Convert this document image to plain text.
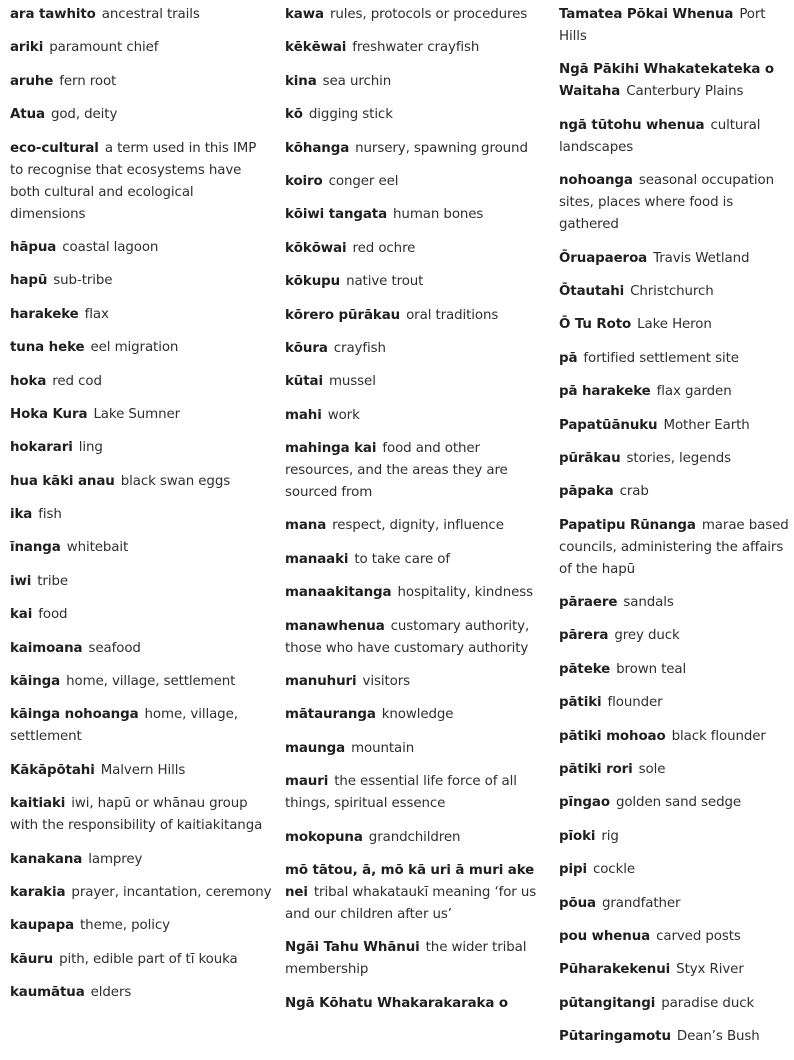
ara tawhito ancestral trails
ariki paramount chief
aruhe fern root
Atua god, deity
eco-cultural a term used in this IMP to recognise that ecosystems have both cultural and ecological dimensions
hāpua coastal lagoon
hapū sub-tribe
harakeke flax
tuna heke eel migration
hoka red cod
Hoka Kura Lake Sumner
hokarari ling
hua kāki anau black swan eggs
ika fish
īnanga whitebait
iwi tribe
kai food
kaimoana seafood
kāinga home, village, settlement
kāinga nohoanga home, village, settlement
Kākāpōtahi Malvern Hills
kaitiaki iwi, hapū or whānau group with the responsibility of kaitiakitanga
kanakana lamprey
karakia prayer, incantation, ceremony
kaupapa theme, policy
kāuru pith, edible part of tī kouka
kaumātua elders
kawa rules, protocols or procedures
kēkēwai freshwater crayfish
kina sea urchin
kō digging stick
kōhanga nursery, spawning ground
koiro conger eel
kōiwi tangata human bones
kōkōwai red ochre
kōkupu native trout
kōrero pūrākau oral traditions
kōura crayfish
kūtai mussel
mahi work
mahinga kai food and other resources, and the areas they are sourced from
mana respect, dignity, influence
manaaki to take care of
manaakitanga hospitality, kindness
manawhenua customary authority, those who have customary authority
manuhuri visitors
mātauranga knowledge
maunga mountain
mauri the essential life force of all things, spiritual essence
mokopuna grandchildren
mō tātou, ā, mō kā uri ā muri ake nei tribal whakataukī meaning ‘for us and our children after us’
Ngāi Tahu Whānui the wider tribal membership
Ngā Kōhatu Whakarakaraka o
Tamatea Pōkai Whenua Port Hills
Ngā Pākihi Whakatekateka o Waitaha Canterbury Plains
ngā tūtohu whenua cultural landscapes
nohoanga seasonal occupation sites, places where food is gathered
Ōruapaeroa Travis Wetland
Ōtautahi Christchurch
Ō Tu Roto Lake Heron
pā fortified settlement site
pā harakeke flax garden
Papatūānuku Mother Earth
pūrākau stories, legends
pāpaka crab
Papatipu Rūnanga marae based councils, administering the affairs of the hapū
pāraere sandals
pārera grey duck
pāteke brown teal
pātiki flounder
pātiki mohoao black flounder
pātiki rori sole
pīngao golden sand sedge
pīoki rig
pipi cockle
pōua grandfather
pou whenua carved posts
Pūharakekenui Styx River
pūtangitangi paradise duck
Pūtaringamotu Dean’s Bush
